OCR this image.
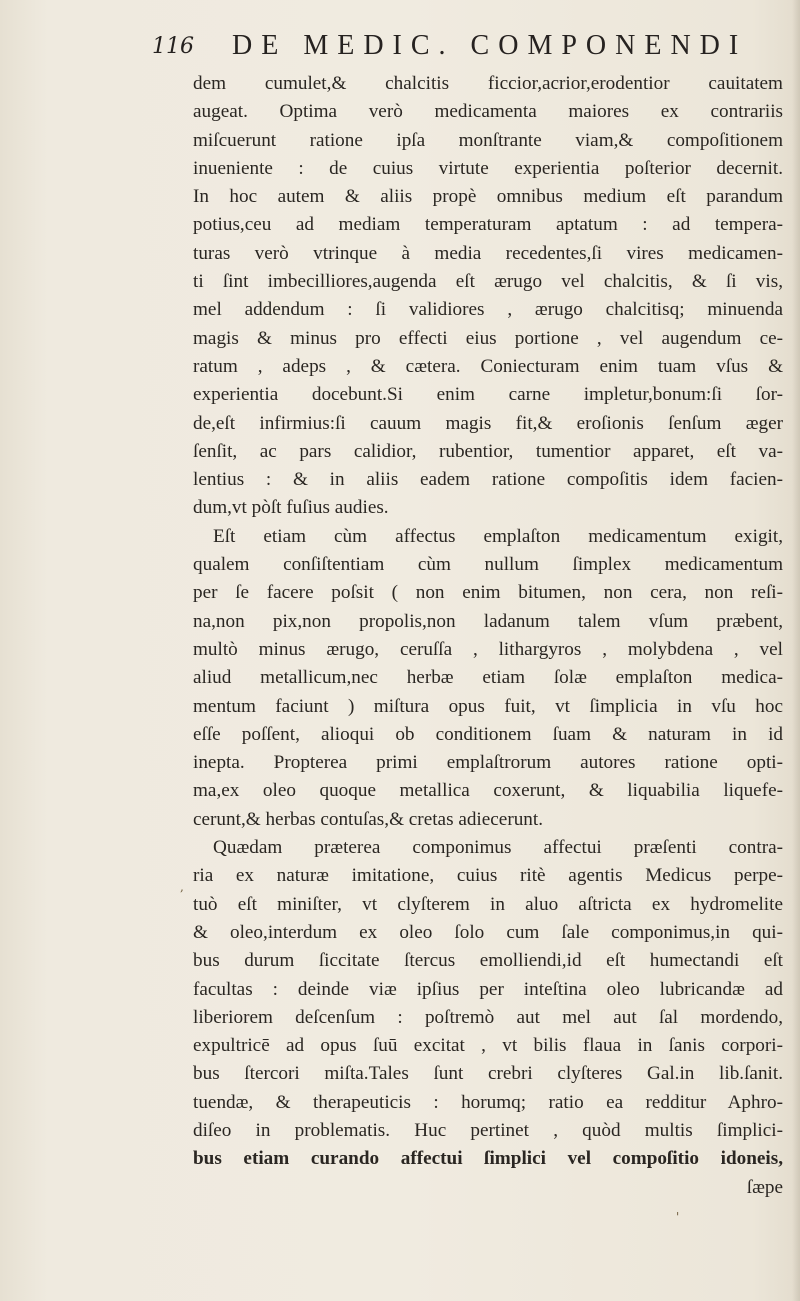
116 DE MEDIC. COMPONENDI
dem cumulet,& chalcitis ficcior,acrior,erodentior cauitatem
augeat. Optima verò medicamenta maiores ex contrariis
miſcuerunt ratione ipſa monſtrante viam,& compoſitionem
inueniente : de cuius virtute experientia poſterior decernit.
In hoc autem & aliis propè omnibus medium eſt parandum
potius,ceu ad mediam temperaturam aptatum : ad tempera-
turas verò vtrinque à media recedentes,ſi vires medicamen-
ti ſint imbecilliores,augenda eſt ærugo vel chalcitis, & ſi vis,
mel addendum : ſi validiores , ærugo chalcitisq; minuenda
magis & minus pro effecti eius portione , vel augendum ce-
ratum , adeps , & cætera. Coniecturam enim tuam vſus &
experientia docebunt.Si enim carne impletur,bonum:ſi ſor-
de,eſt infirmius:ſi cauum magis fit,& eroſionis ſenſum æger
ſenſit, ac pars calidior, rubentior, tumentior apparet, eſt va-
lentius : & in aliis eadem ratione compoſitis idem facien-
dum,vt pòſt fuſius audies.
Eſt etiam cùm affectus emplaſton medicamentum exigit,
qualem conſiſtentiam cùm nullum ſimplex medicamentum
per ſe facere poſsit ( non enim bitumen, non cera, non reſi-
na,non pix,non propolis,non ladanum talem vſum præbent,
multò minus ærugo, ceruſſa , lithargyros , molybdena , vel
aliud metallicum,nec herbæ etiam ſolæ emplaſton medica-
mentum faciunt ) miſtura opus fuit, vt ſimplicia in vſu hoc
eſſe poſſent, alioqui ob conditionem ſuam & naturam in id
inepta. Propterea primi emplaſtrorum autores ratione opti-
ma,ex oleo quoque metallica coxerunt, & liquabilia liquefe-
cerunt,& herbas contuſas,& cretas adiecerunt.
Quædam præterea componimus affectui præſenti contra-
ria ex naturæ imitatione, cuius ritè agentis Medicus perpe-
tuò eſt miniſter, vt clyſterem in aluo aſtricta ex hydromelite
& oleo,interdum ex oleo ſolo cum ſale componimus,in qui-
bus durum ſiccitate ſtercus emolliendi,id eſt humectandi eſt
facultas : deinde viæ ipſius per inteſtina oleo lubricandæ ad
liberiorem deſcenſum : poſtremò aut mel aut ſal mordendo,
expultricē ad opus ſuū excitat , vt bilis flaua in ſanis corpori-
bus ſtercori miſta.Tales ſunt crebri clyſteres Gal.in lib.ſanit.
tuendæ, & therapeuticis : horumq; ratio ea redditur Aphro-
diſeo in problematis. Huc pertinet , quòd multis ſimplici-
bus etiam curando affectui ſimplici vel compoſitio idoneis,
ſæpe
'
,
